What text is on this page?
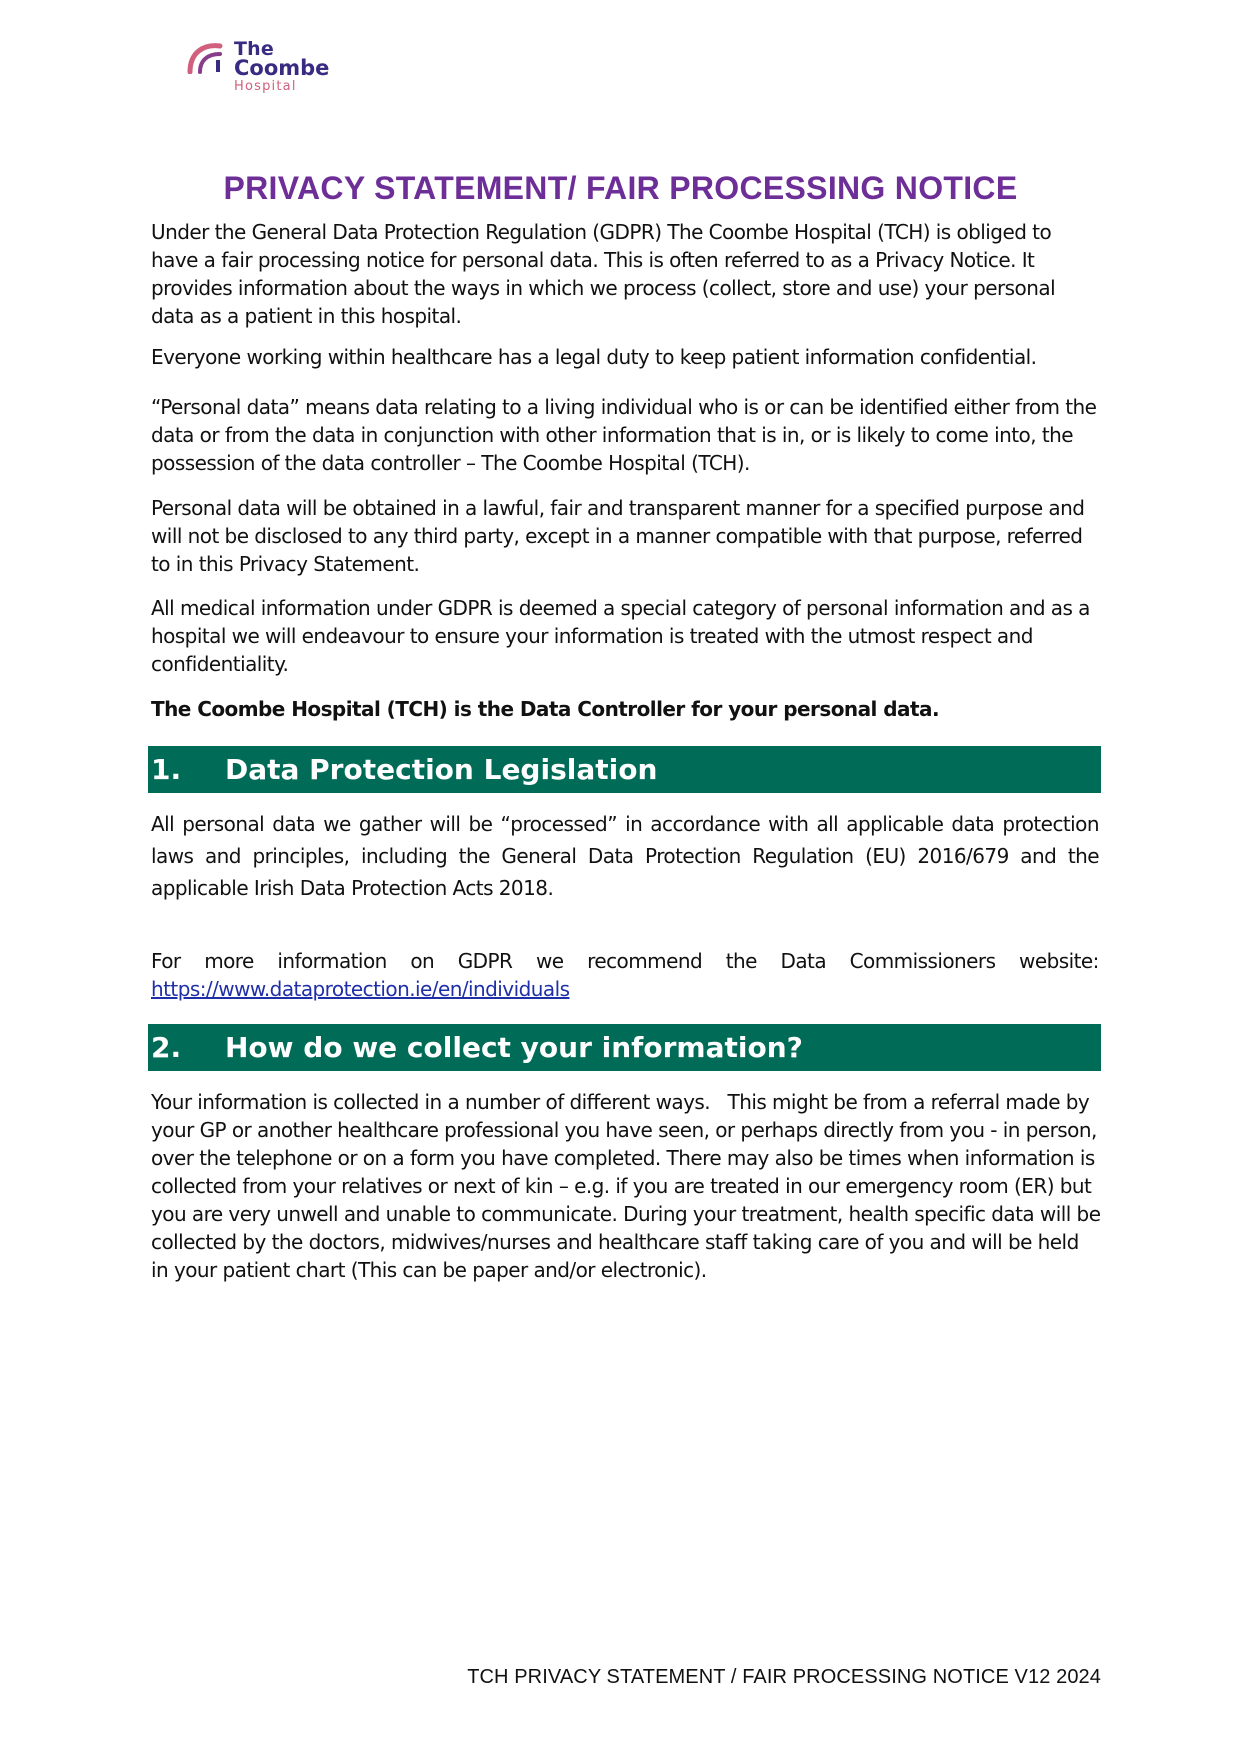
The
Coombe
Hospital
PRIVACY STATEMENT/ FAIR PROCESSING NOTICE

Under the General Data Protection Regulation (GDPR) The Coombe Hospital (TCH) is obliged to have a fair processing notice for personal data. This is often referred to as a Privacy Notice. It provides information about the ways in which we process (collect, store and use) your personal data as a patient in this hospital.

Everyone working within healthcare has a legal duty to keep patient information confidential.

“Personal data” means data relating to a living individual who is or can be identified either from the data or from the data in conjunction with other information that is in, or is likely to come into, the possession of the data controller – The Coombe Hospital (TCH).

Personal data will be obtained in a lawful, fair and transparent manner for a specified purpose and will not be disclosed to any third party, except in a manner compatible with that purpose, referred to in this Privacy Statement.

All medical information under GDPR is deemed a special category of personal information and as a hospital we will endeavour to ensure your information is treated with the utmost respect and confidentiality.

The Coombe Hospital (TCH) is the Data Controller for your personal data.

1. Data Protection Legislation

All personal data we gather will be “processed” in accordance with all applicable data protection laws and principles, including the General Data Protection Regulation (EU) 2016/679 and the applicable Irish Data Protection Acts 2018.

For more information on GDPR we recommend the Data Commissioners website:
https://www.dataprotection.ie/en/individuals
2. How do we collect your information?

Your information is collected in a number of different ways.   This might be from a referral made by your GP or another healthcare professional you have seen, or perhaps directly from you - in person, over the telephone or on a form you have completed. There may also be times when information is collected from your relatives or next of kin – e.g. if you are treated in our emergency room (ER) but you are very unwell and unable to communicate. During your treatment, health specific data will be collected by the doctors, midwives/nurses and healthcare staff taking care of you and will be held in your patient chart (This can be paper and/or electronic).

TCH PRIVACY STATEMENT / FAIR PROCESSING NOTICE V12 2024
